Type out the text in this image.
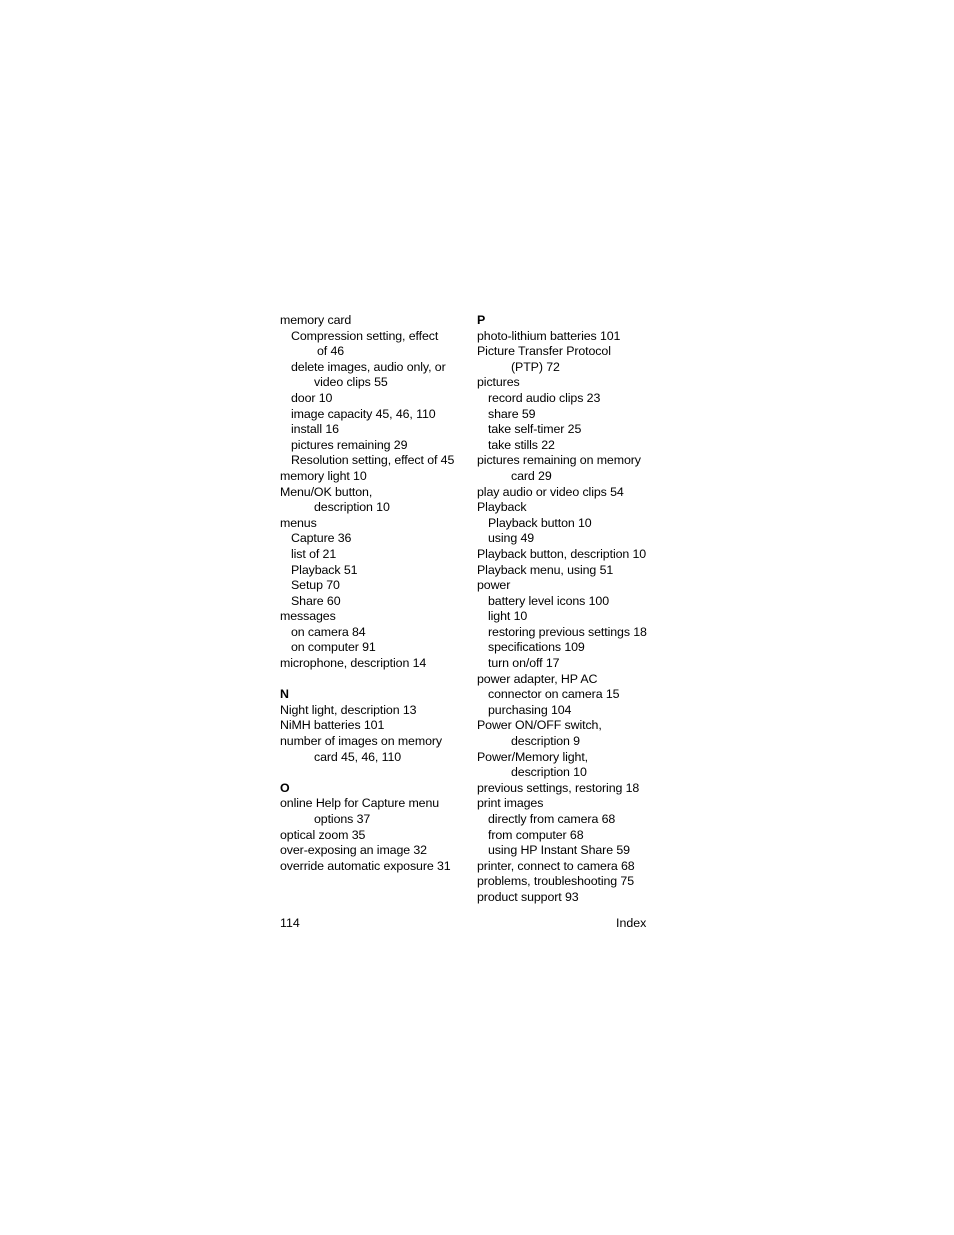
memory card
Compression setting, effect
of 46
delete images, audio only, or
video clips 55
door 10
image capacity 45, 46, 110
install 16
pictures remaining 29
Resolution setting, effect of 45
memory light 10
Menu/OK button,
description 10
menus
Capture 36
list of 21
Playback 51
Setup 70
Share 60
messages
on camera 84
on computer 91
microphone, description 14
N
Night light, description 13
NiMH batteries 101
number of images on memory
card 45, 46, 110
O
online Help for Capture menu
options 37
optical zoom 35
over-exposing an image 32
override automatic exposure 31
P
photo-lithium batteries 101
Picture Transfer Protocol
(PTP) 72
pictures
record audio clips 23
share 59
take self-timer 25
take stills 22
pictures remaining on memory
card 29
play audio or video clips 54
Playback
Playback button 10
using 49
Playback button, description 10
Playback menu, using 51
power
battery level icons 100
light 10
restoring previous settings 18
specifications 109
turn on/off 17
power adapter, HP AC
connector on camera 15
purchasing 104
Power ON/OFF switch,
description 9
Power/Memory light,
description 10
previous settings, restoring 18
print images
directly from camera 68
from computer 68
using HP Instant Share 59
printer, connect to camera 68
problems, troubleshooting 75
product support 93
114	Index
